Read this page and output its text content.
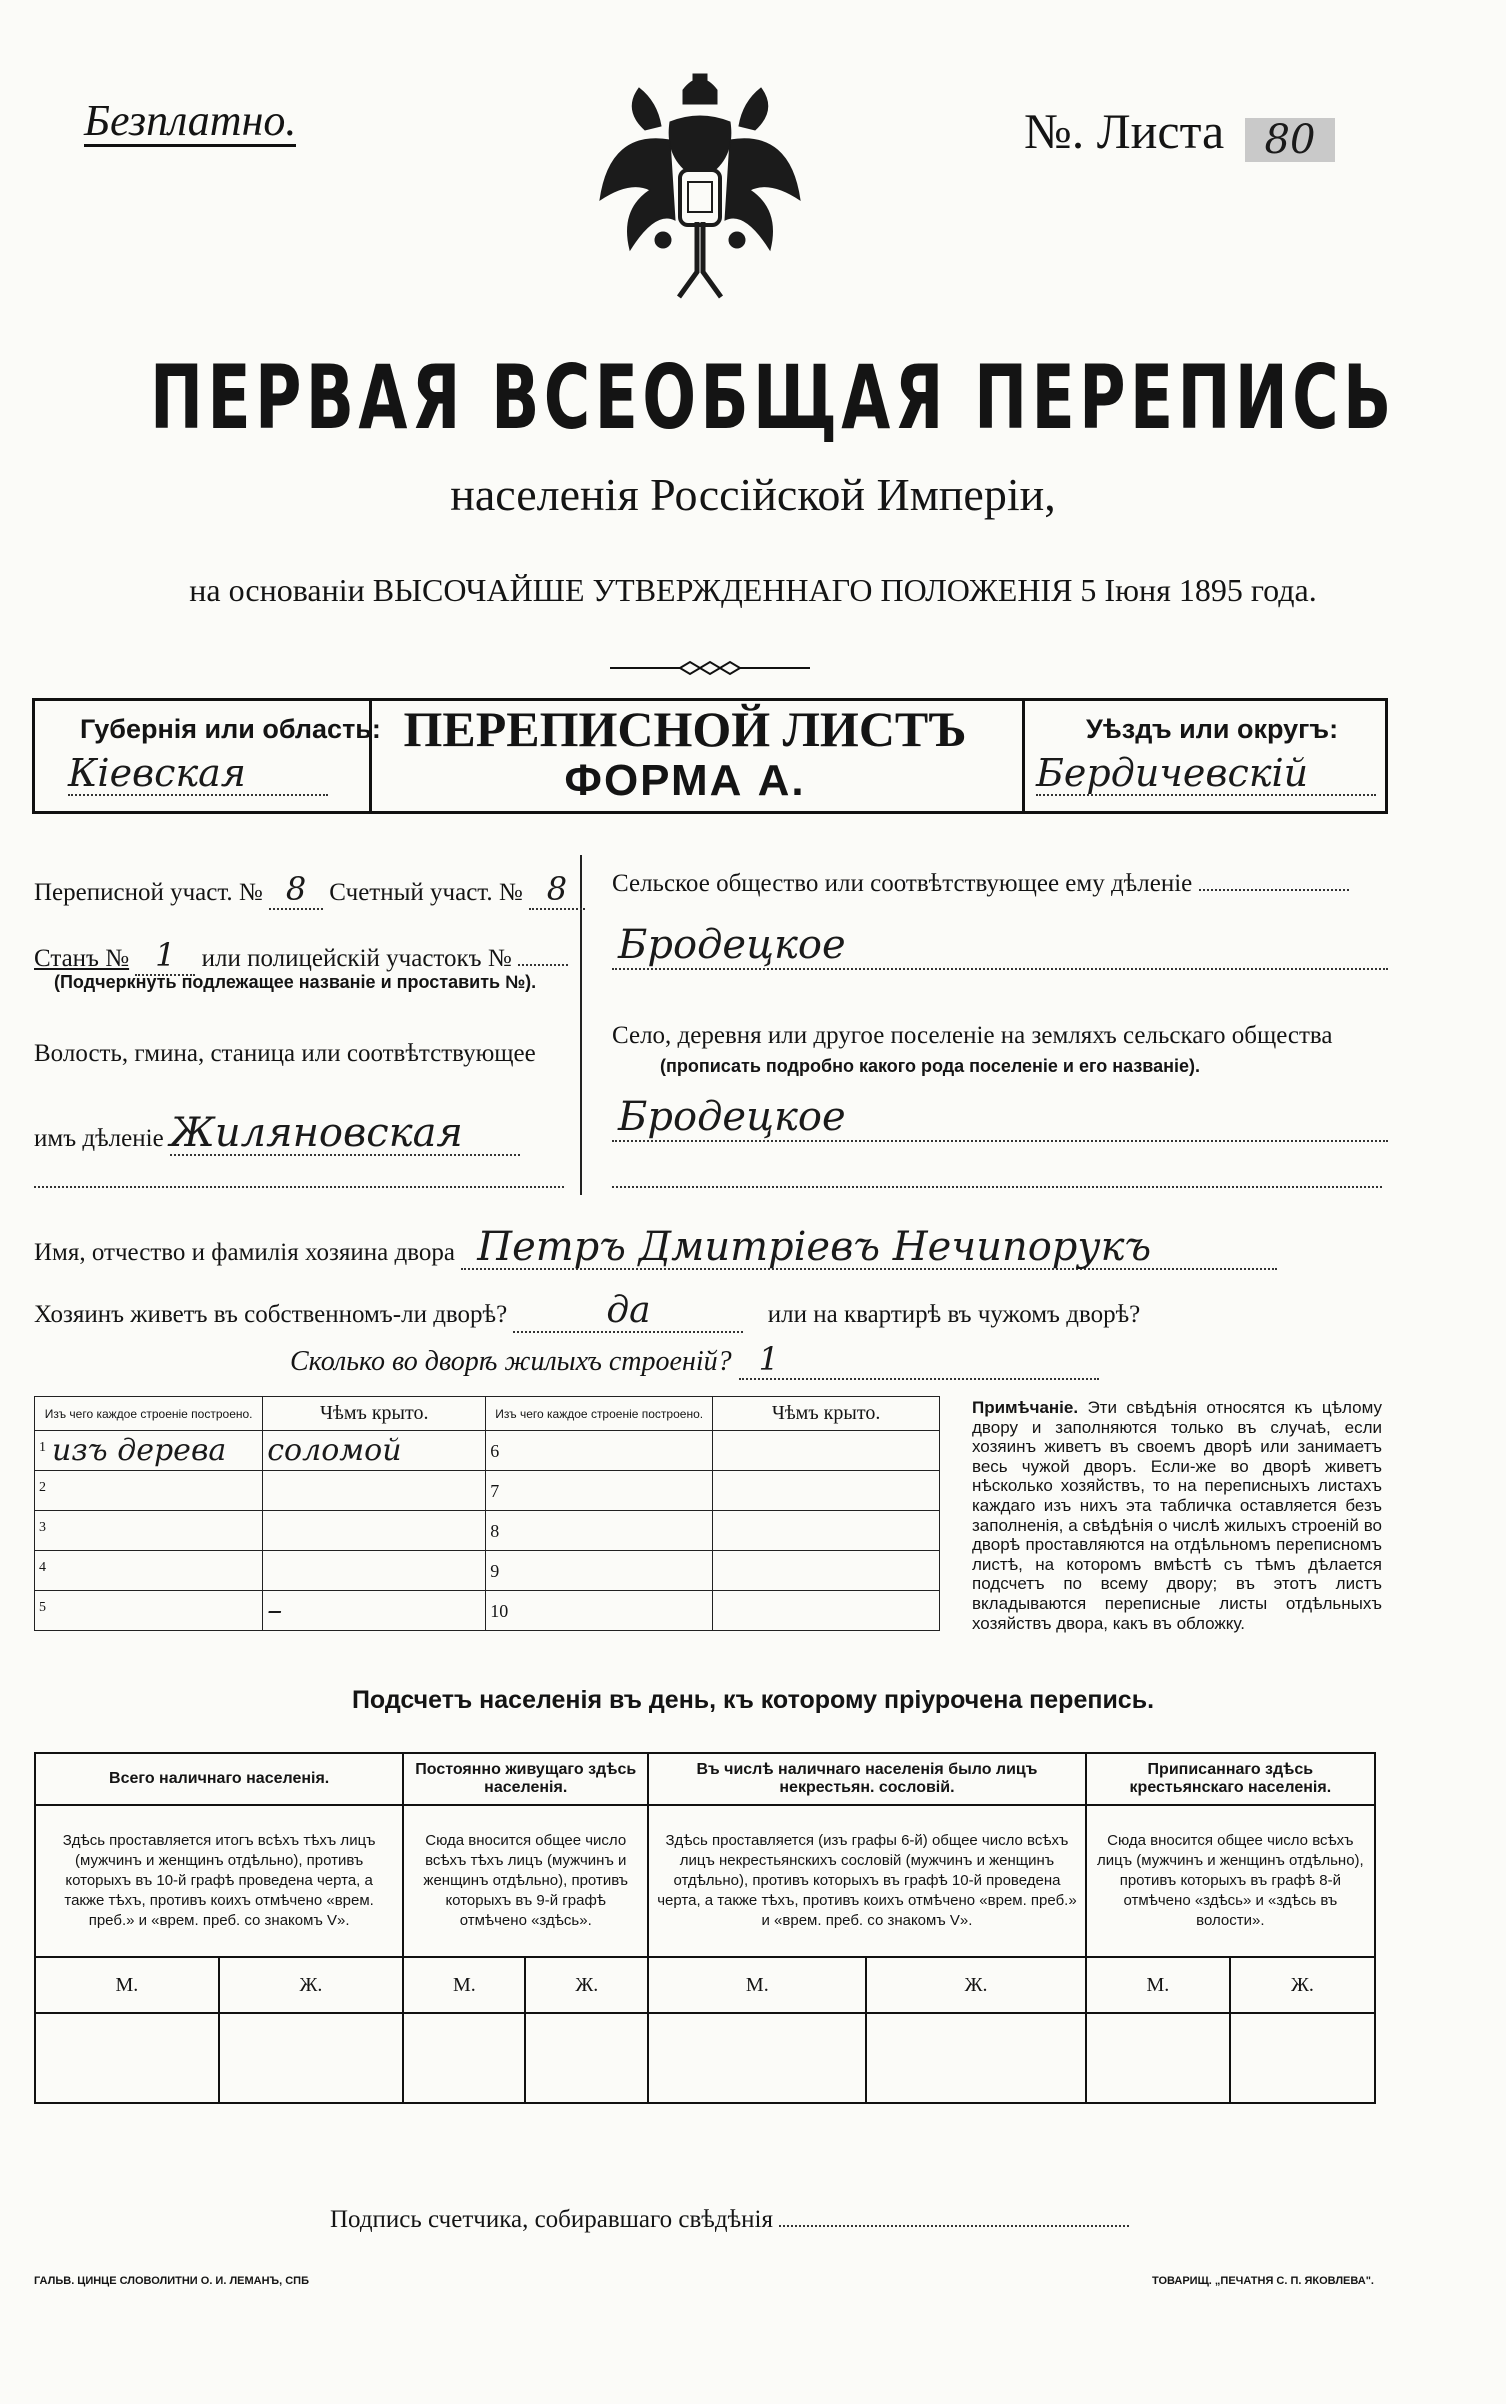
Безплатно.	№. Листа	80
ПЕРВАЯ ВСЕОБЩАЯ ПЕРЕПИСЬ
населенія Россійской Имперіи,
на основаніи ВЫСОЧАЙШЕ УТВЕРЖДЕННАГО ПОЛОЖЕНІЯ 5 Іюня 1895 года.
Губернія или область:
Кіевская
ПЕРЕПИСНОЙ ЛИСТЪ
ФОРМА А.
Уѣздъ или округъ:
Бердичевскій
Переписной участ. № 8 Счетный участ. № 8
Станъ № 1 или полицейскій участокъ №
(Подчеркнуть подлежащее названіе и проставить №).
Волость, гмина, станица или соотвѣтствующее
имъ дѣленіе Жиляновская
Сельское общество или соотвѣтствующее ему дѣленіе
Бродецкое
Село, деревня или другое поселеніе на земляхъ сельскаго общества
(прописать подробно какого рода поселеніе и его названіе).
Бродецкое
Имя, отчество и фамилія хозяина двора Петръ Дмитріевъ Нечипорукъ
Хозяинъ живетъ въ собственномъ-ли дворѣ?	да	или на квартирѣ въ чужомъ дворѣ?
Сколько во дворѣ жилыхъ строеній? 1
Изъ чего каждое строеніе построено.	Чѣмъ крыто.	Изъ чего каждое строеніе построено.	Чѣмъ крыто.
$^1$ изъ дерева	соломой	6	
$^2$		7	
$^3$		8	
$^4$		9	
$^5$	–	10	
Примѣчаніе. Эти свѣдѣнія относятся къ цѣлому двору и заполняются только въ случаѣ, если хозяинъ живетъ въ своемъ дворѣ или занимаетъ весь чужой дворъ. Если-же во дворѣ живетъ нѣсколько хозяйствъ, то на переписныхъ листахъ каждаго изъ нихъ эта табличка оставляется безъ заполненія, а свѣдѣнія о числѣ жилыхъ строеній во дворѣ проставляются на отдѣльномъ переписномъ листѣ, на которомъ вмѣстѣ съ тѣмъ дѣлается подсчетъ по всему двору; въ этотъ листъ вкладываются переписные листы отдѣльныхъ хозяйствъ двора, какъ въ обложку.
Подсчетъ населенія въ день, къ которому пріурочена перепись.
Всего наличнаго населенія.		Постоянно живущаго здѣсь населенія.		Въ числѣ наличнаго населенія было лицъ некрестьян. сословій.		Приписаннаго здѣсь крестьянскаго населенія.	
Здѣсь проставляется итогъ всѣхъ тѣхъ лицъ (мужчинъ и женщинъ отдѣльно), противъ которыхъ въ 10-й графѣ проведена черта, а также тѣхъ, противъ коихъ отмѣчено «врем. преб.» и «врем. преб. со знакомъ V».		Сюда вносится общее число всѣхъ тѣхъ лицъ (мужчинъ и женщинъ отдѣльно), противъ которыхъ въ 9-й графѣ отмѣчено «здѣсь».		Здѣсь проставляется (изъ графы 6-й) общее число всѣхъ лицъ некрестьянскихъ сословій (мужчинъ и женщинъ отдѣльно), противъ которыхъ въ графѣ 10-й проведена черта, а также тѣхъ, противъ коихъ отмѣчено «врем. преб.» и «врем. преб. со знакомъ V».		Сюда вносится общее число всѣхъ лицъ (мужчинъ и женщинъ отдѣльно), противъ которыхъ въ графѣ 8-й отмѣчено «здѣсь» и «здѣсь въ волости».	
М.	Ж.	М.	Ж.	М.	Ж.	М.	Ж.

Подпись счетчика, собиравшаго свѣдѣнія
ГАЛЬВ. ЦИНЦЕ СЛОВОЛИТНИ О. И. ЛЕМАНЪ, СПБ	ТОВАРИЩ. „ПЕЧАТНЯ С. П. ЯКОВЛЕВА".
